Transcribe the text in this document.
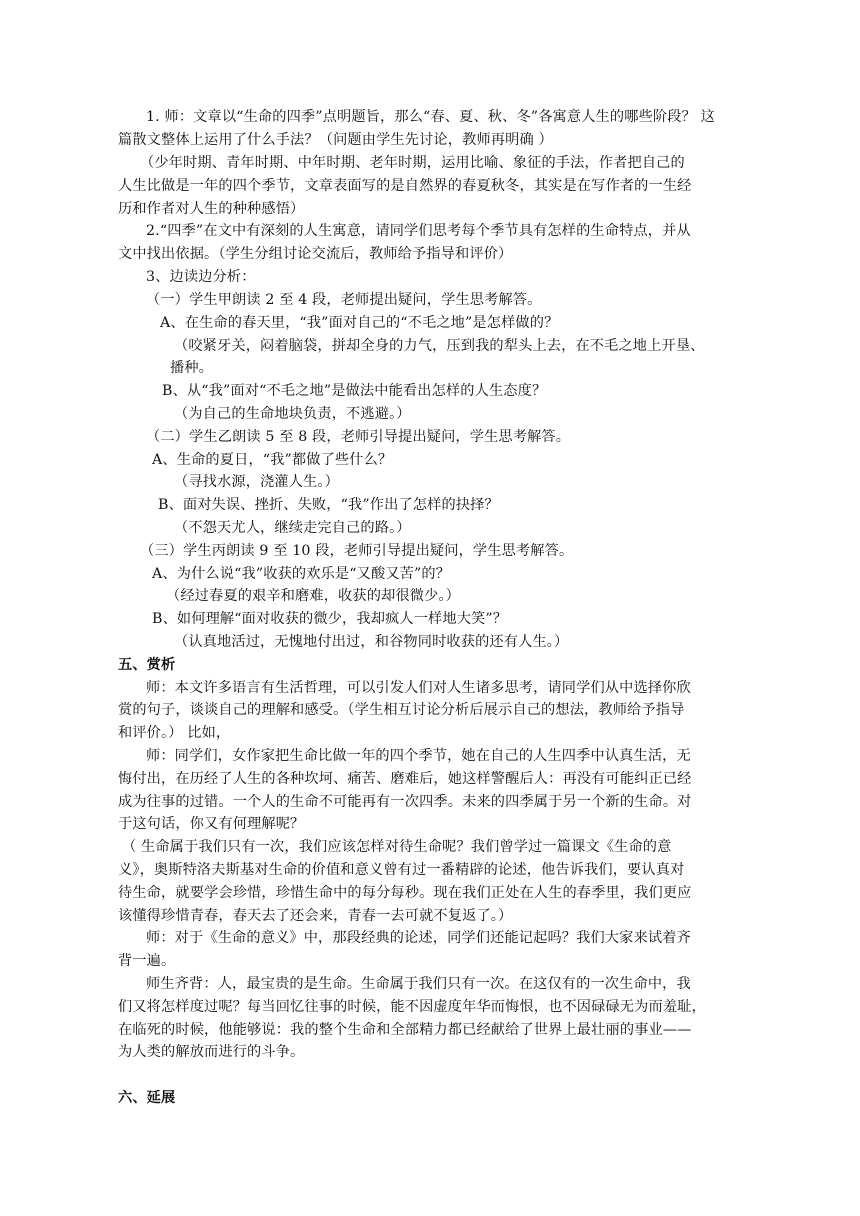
1. 师：文章以“生命的四季”点明题旨，那么“春、夏、秋、冬”各寓意人生的哪些阶段？ 这
篇散文整体上运用了什么手法？（问题由学生先讨论，教师再明确 ）
（少年时期、青年时期、中年时期、老年时期，运用比喻、象征的手法，作者把自己的
人生比做是一年的四个季节，文章表面写的是自然界的春夏秋冬，其实是在写作者的一生经
历和作者对人生的种种感悟）
2.“四季”在文中有深刻的人生寓意，请同学们思考每个季节具有怎样的生命特点，并从
文中找出依据。（学生分组讨论交流后，教师给予指导和评价）
3、边读边分析：
（一）学生甲朗读 2 至 4 段，老师提出疑问，学生思考解答。
A、在生命的春天里，“我”面对自己的“不毛之地”是怎样做的？
（咬紧牙关，闷着脑袋，拼却全身的力气，压到我的犁头上去，在不毛之地上开垦、
播种。
B、从“我”面对“不毛之地”是做法中能看出怎样的人生态度？
（为自己的生命地块负责，不逃避。）
（二）学生乙朗读 5 至 8 段，老师引导提出疑问，学生思考解答。
A、生命的夏日，“我”都做了些什么？
（寻找水源，浇灌人生。）
B、面对失误、挫折、失败，“我”作出了怎样的抉择？
（不怨天尤人，继续走完自己的路。）
（三）学生丙朗读 9 至 10 段，老师引导提出疑问，学生思考解答。
A、为什么说“我”收获的欢乐是“又酸又苦”的？
（经过春夏的艰辛和磨难，收获的却很微少。）
B、如何理解“面对收获的微少，我却疯人一样地大笑”？
（认真地活过，无愧地付出过，和谷物同时收获的还有人生。）
五、赏析
师：本文许多语言有生活哲理，可以引发人们对人生诸多思考，请同学们从中选择你欣
赏的句子，谈谈自己的理解和感受。（学生相互讨论分析后展示自己的想法，教师给予指导
和评价。） 比如，
师：同学们，女作家把生命比做一年的四个季节，她在自己的人生四季中认真生活，无
悔付出，在历经了人生的各种坎坷、痛苦、磨难后，她这样警醒后人：再没有可能纠正已经
成为往事的过错。一个人的生命不可能再有一次四季。未来的四季属于另一个新的生命。对
于这句话，你又有何理解呢？
（ 生命属于我们只有一次，我们应该怎样对待生命呢？我们曾学过一篇课文《生命的意
义》，奥斯特洛夫斯基对生命的价值和意义曾有过一番精辟的论述，他告诉我们，要认真对
待生命，就要学会珍惜，珍惜生命中的每分每秒。现在我们正处在人生的春季里，我们更应
该懂得珍惜青春，春天去了还会来，青春一去可就不复返了。）
师：对于《生命的意义》中，那段经典的论述，同学们还能记起吗？我们大家来试着齐
背一遍。
师生齐背：人，最宝贵的是生命。生命属于我们只有一次。在这仅有的一次生命中，我
们又将怎样度过呢？每当回忆往事的时候，能不因虚度年华而悔恨，也不因碌碌无为而羞耻，
在临死的时候，他能够说：我的整个生命和全部精力都已经献给了世界上最壮丽的事业——
为人类的解放而进行的斗争。
六、延展
